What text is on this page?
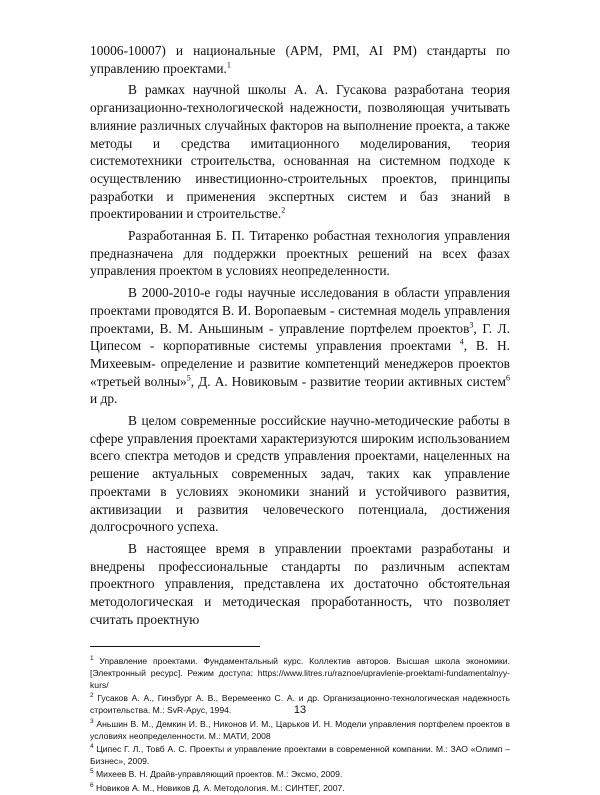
10006-10007) и национальные (APM, PMI, AI PM) стандарты по управлению проектами.$^1$

В рамках научной школы А. А. Гусакова разработана теория организационно-технологической надежности, позволяющая учитывать влияние различных случайных факторов на выполнение проекта, а также методы и средства имитационного моделирования, теория системотехники строительства, основанная на системном подходе к осуществлению инвестиционно-строительных проектов, принципы разработки и применения экспертных систем и баз знаний в проектировании и строительстве.$^2$

Разработанная Б. П. Титаренко робастная технология управления предназначена для поддержки проектных решений на всех фазах управления проектом в условиях неопределенности.

В 2000-2010-е годы научные исследования в области управления проектами проводятся В. И. Воропаевым - системная модель управления проектами, В. М. Аньшиным - управление портфелем проектов$^3$, Г. Л. Ципесом - корпоративные системы управления проектами $^4$, В. Н. Михеевым- определение и развитие компетенций менеджеров проектов «третьей волны»$^5$, Д. А. Новиковым - развитие теории активных систем$^6$ и др.

В целом современные российские научно-методические работы в сфере управления проектами характеризуются широким использованием всего спектра методов и средств управления проектами, нацеленных на решение актуальных современных задач, таких как управление проектами в условиях экономики знаний и устойчивого развития, активизации и развития человеческого потенциала, достижения долгосрочного успеха.

В настоящее время в управлении проектами разработаны и внедрены профессиональные стандарты по различным аспектам проектного управления, представлена их достаточно обстоятельная методологическая и методическая проработанность, что позволяет считать проектную

$^1$ Управление проектами. Фундаментальный курс. Коллектив авторов. Высшая школа экономики. [Электронный ресурс]. Режим доступа: https://www.litres.ru/raznoe/upravlenie-proektami-fundamentalnyy-kurs/

$^2$ Гусаков А. А., Гинзбург А. В., Веремеенко С. А. и др. Организационно-технологическая надежность строительства. М.: SvR-Арус, 1994.

$^3$ Аньшин В. М., Демкин И. В., Никонов И. М., Царьков И. Н. Модели управления портфелем проектов в условиях неопределенности. М.: МАТИ, 2008

$^4$ Ципес Г. Л., Товб А. С. Проекты и управление проектами в современной компании. М.: ЗАО «Олимп – Бизнес», 2009.

$^5$ Михеев В. Н. Драйв-управляющий проектов. М.: Эксмо, 2009.

$^6$ Новиков А. М., Новиков Д. А. Методология. М.: СИНТЕГ, 2007.

13
